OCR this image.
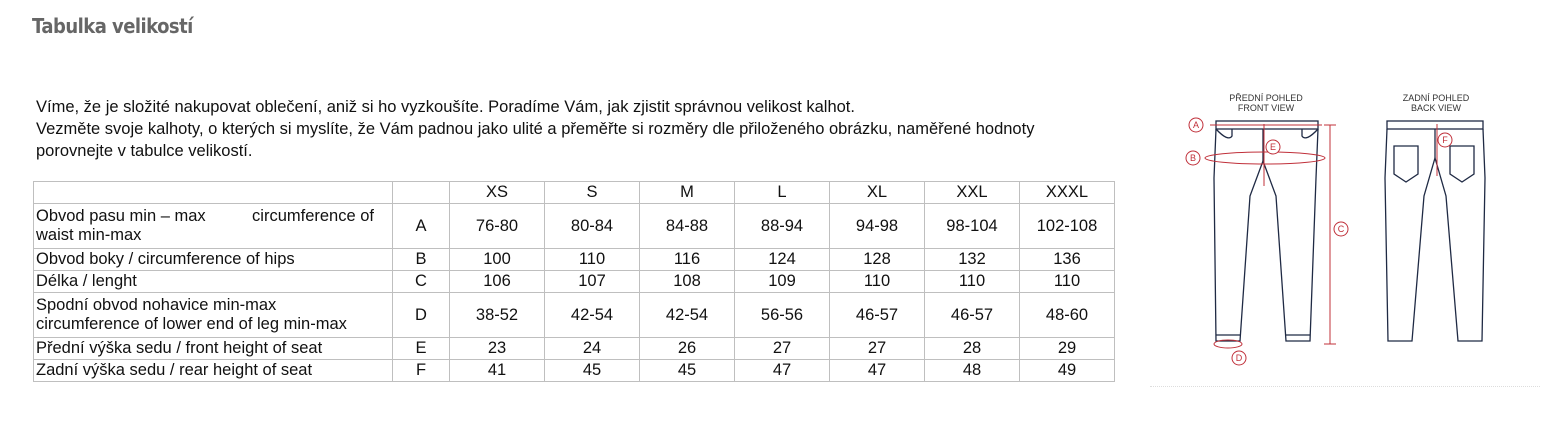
Tabulka velikostí

Víme, že je složité nakupovat oblečení, aniž si ho vyzkoušíte. Poradíme Vám, jak zjistit správnou velikost kalhot.

Vezměte svoje kalhoty, o kterých si myslíte, že Vám padnou jako ulité a přeměřte si rozměry dle přiloženého obrázku, naměřené hodnoty porovnejte v tabulce velikostí.

		XS	S	M	L	XL	XXL	XXXL

Obvod pasu min – max circumference of
waist min-max	A	76-80	80-84	84-88	88-94	94-98	98-104	102-108
Obvod boky / circumference of hips	B	100	110	116	124	128	132	136
Délka / lenght	C	106	107	108	109	110	110	110

Spodní obvod nohavice min-max
circumference of lower end of leg min-max	D	38-52	42-54	42-54	56-56	46-57	46-57	48-60
Přední výška sedu / front height of seat	E	23	24	26	27	27	28	29
Zadní výška sedu / rear height of seat	F	41	45	45	47	47	48	49
PŘEDNÍ POHLED
FRONT VIEW
A
B
E
C
D
ZADNÍ POHLED
BACK VIEW
F
